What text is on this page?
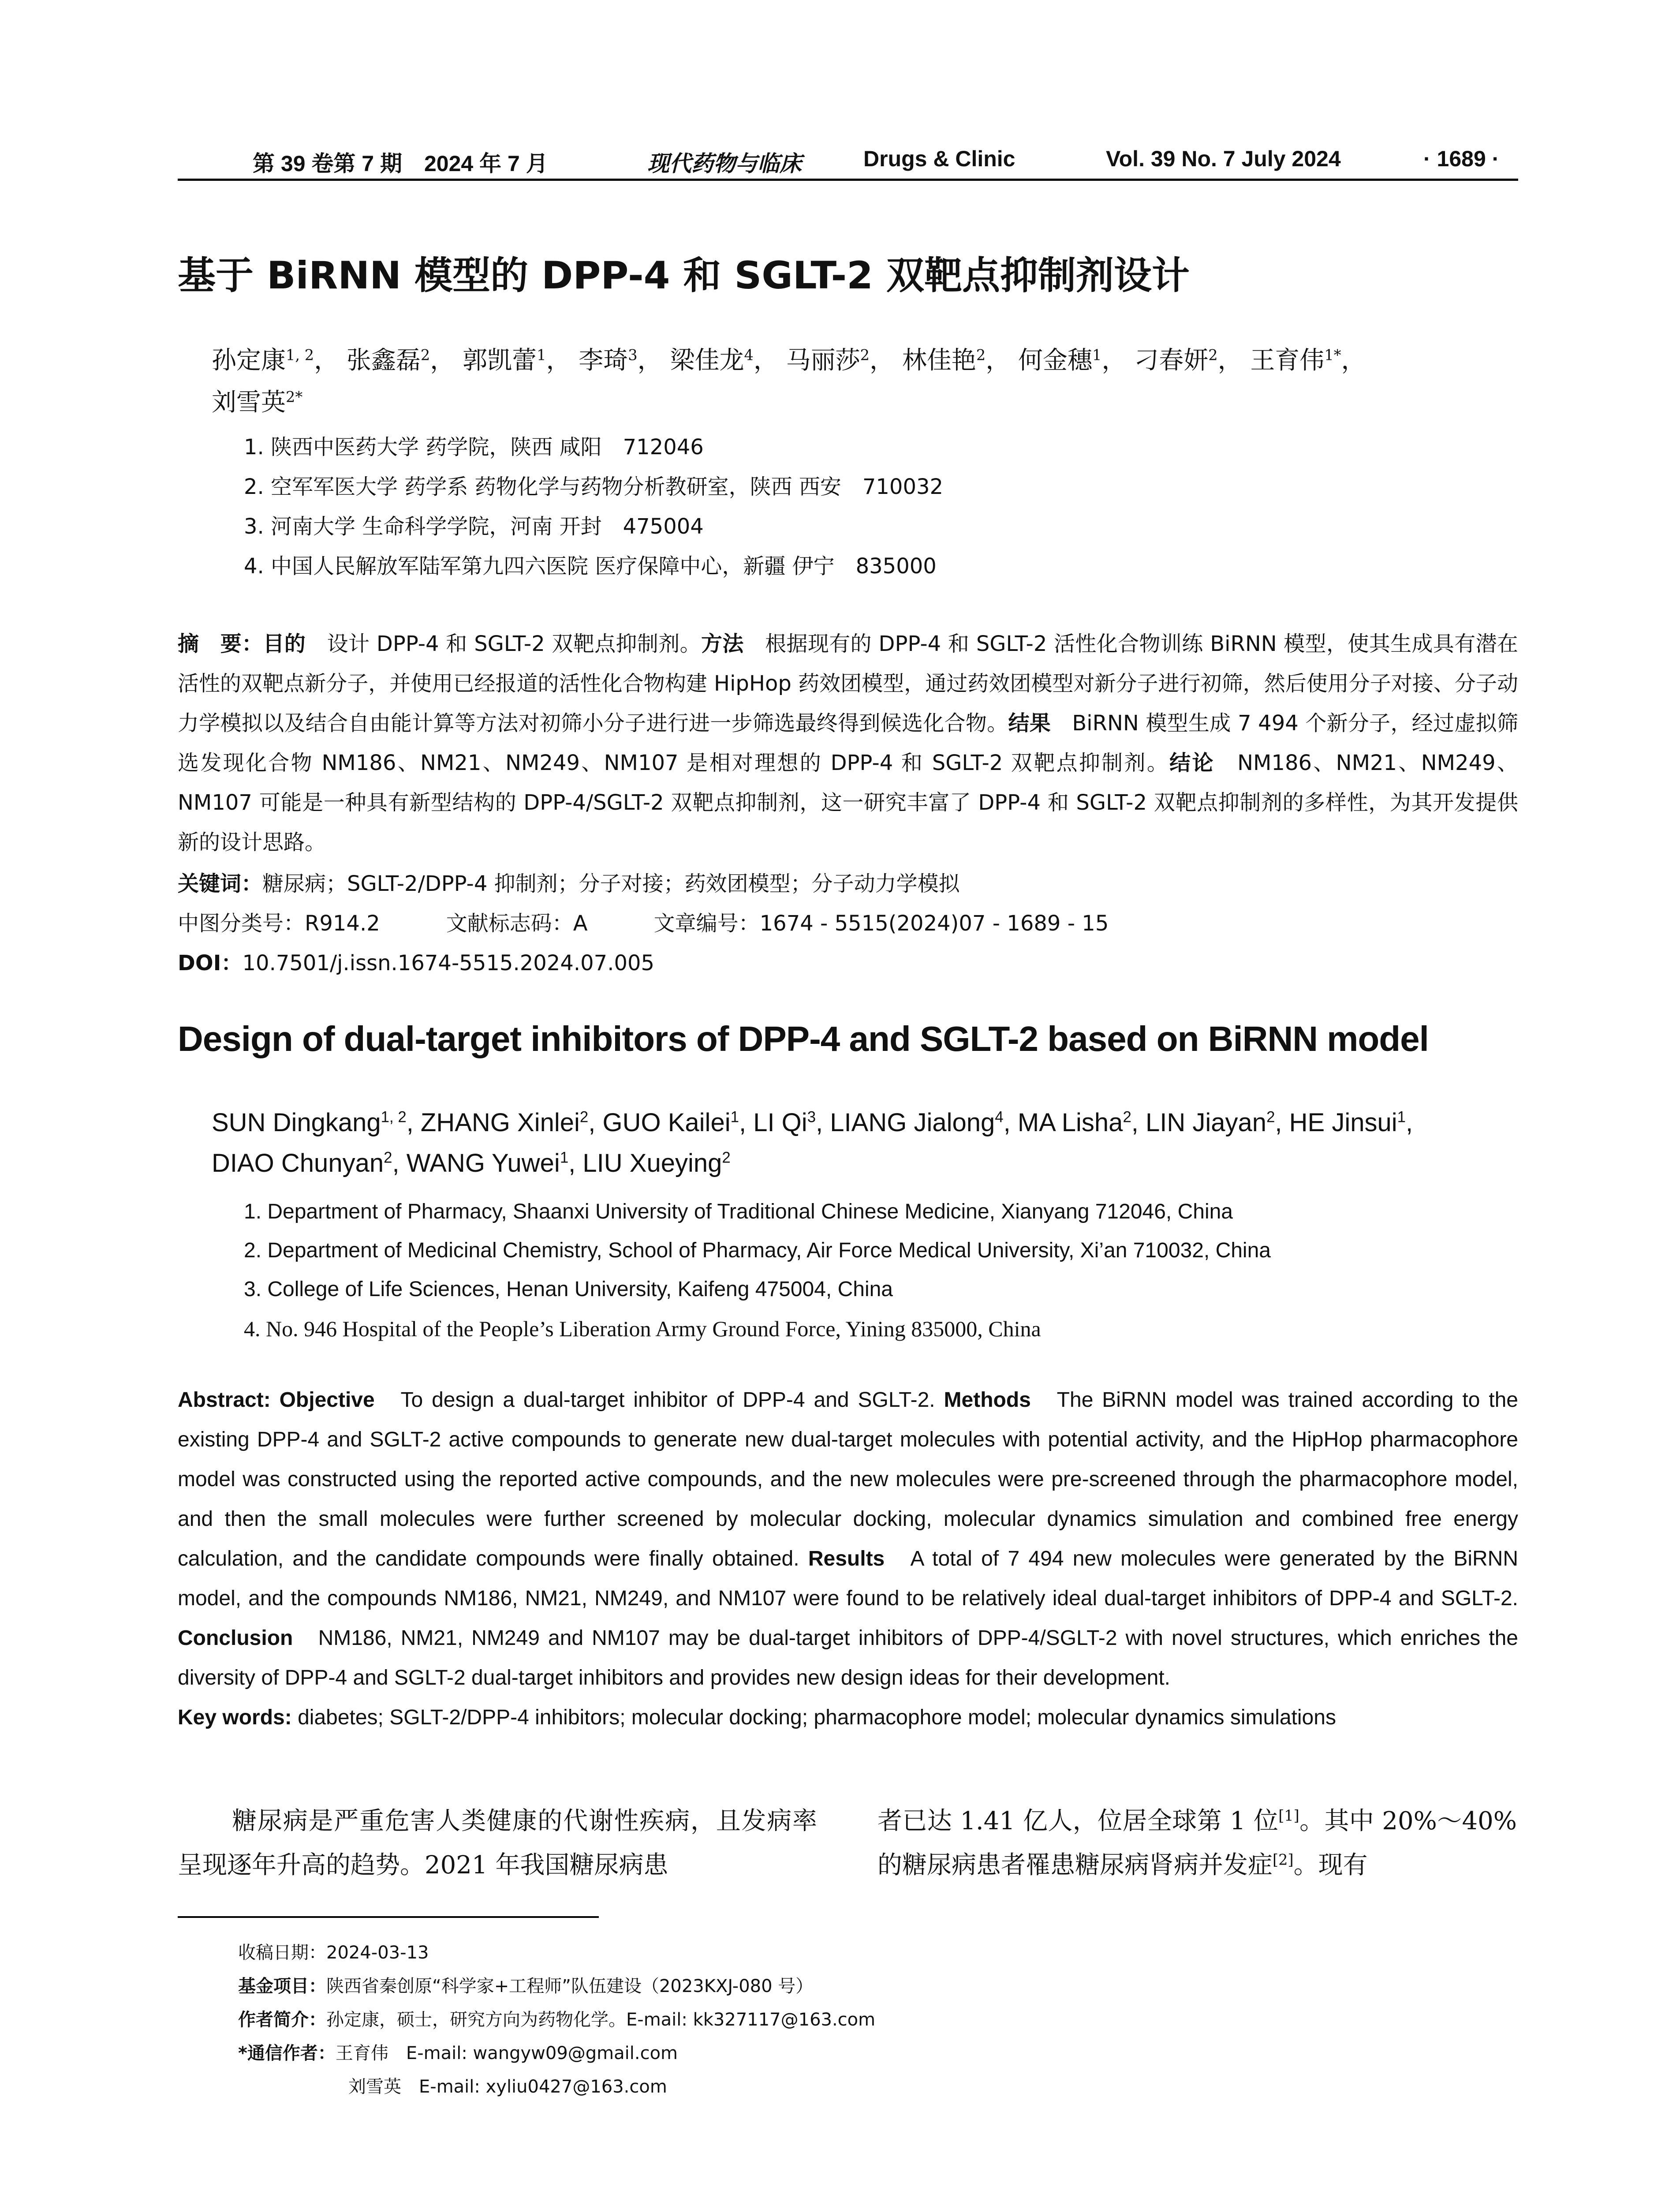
第 39 卷第 7 期　2024 年 7 月	现代药物与临床	Drugs & Clinic	Vol. 39 No. 7 July 2024	· 1689 ·
基于 BiRNN 模型的 DPP-4 和 SGLT-2 双靶点抑制剂设计
孙定康$^{1, 2}$， 张鑫磊$^2$， 郭凯蕾$^1$， 李琦$^3$， 梁佳龙$^4$， 马丽莎$^2$， 林佳艳$^2$， 何金穗$^1$， 刁春妍$^2$， 王育伟$^{1*}$，
刘雪英$^{2*}$
1. 陕西中医药大学 药学院，陕西 咸阳　712046
2. 空军军医大学 药学系 药物化学与药物分析教研室，陕西 西安　710032
3. 河南大学 生命科学学院，河南 开封　475004
4. 中国人民解放军陆军第九四六医院 医疗保障中心，新疆 伊宁　835000
摘　要：目的　 设计 DPP-4 和 SGLT-2 双靶点抑制剂。方法　 根据现有的 DPP-4 和 SGLT-2 活性化合物训练 BiRNN 模型，使其生成具有潜在活性的双靶点新分子，并使用已经报道的活性化合物构建 HipHop 药效团模型，通过药效团模型对新分子进行初筛，然后使用分子对接、分子动力学模拟以及结合自由能计算等方法对初筛小分子进行进一步筛选最终得到候选化合物。结果　 BiRNN 模型生成 7 494 个新分子，经过虚拟筛选发现化合物 NM186、NM21、NM249、NM107 是相对理想的 DPP-4 和 SGLT-2 双靶点抑制剂。结论　 NM186、NM21、NM249、NM107 可能是一种具有新型结构的 DPP-4/SGLT-2 双靶点抑制剂，这一研究丰富了 DPP-4 和 SGLT-2 双靶点抑制剂的多样性，为其开发提供新的设计思路。
关键词：糖尿病；SGLT-2/DPP-4 抑制剂；分子对接；药效团模型；分子动力学模拟
中图分类号：R914.2	文献标志码：A	文章编号：1674 - 5515(2024)07 - 1689 - 15
DOI：10.7501/j.issn.1674-5515.2024.07.005
Design of dual-target inhibitors of DPP-4 and SGLT-2 based on BiRNN model
SUN Dingkang$^{1, 2}$, ZHANG Xinlei$^2$, GUO Kailei$^1$, LI Qi$^3$, LIANG Jialong$^4$, MA Lisha$^2$, LIN Jiayan$^2$, HE Jinsui$^1$,
DIAO Chunyan$^2$, WANG Yuwei$^1$, LIU Xueying$^2$
1. Department of Pharmacy, Shaanxi University of Traditional Chinese Medicine, Xianyang 712046, China
2. Department of Medicinal Chemistry, School of Pharmacy, Air Force Medical University, Xi’an 710032, China
3. College of Life Sciences, Henan University, Kaifeng 475004, China
4. No. 946 Hospital of the People’s Liberation Army Ground Force, Yining 835000, China
Abstract: Objective To design a dual-target inhibitor of DPP-4 and SGLT-2. Methods The BiRNN model was trained according to the existing DPP-4 and SGLT-2 active compounds to generate new dual-target molecules with potential activity, and the HipHop pharmacophore model was constructed using the reported active compounds, and the new molecules were pre-screened through the pharmacophore model, and then the small molecules were further screened by molecular docking, molecular dynamics simulation and combined free energy calculation, and the candidate compounds were finally obtained. Results A total of 7 494 new molecules were generated by the BiRNN model, and the compounds NM186, NM21, NM249, and NM107 were found to be relatively ideal dual-target inhibitors of DPP-4 and SGLT-2. Conclusion NM186, NM21, NM249 and NM107 may be dual-target inhibitors of DPP-4/SGLT-2 with novel structures, which enriches the diversity of DPP-4 and SGLT-2 dual-target inhibitors and provides new design ideas for their development.
Key words: diabetes; SGLT-2/DPP-4 inhibitors; molecular docking; pharmacophore model; molecular dynamics simulations
糖尿病是严重危害人类健康的代谢性疾病，且发病率呈现逐年升高的趋势。2021 年我国糖尿病患
者已达 1.41 亿人，位居全球第 1 位[1]。其中 20%～40%的糖尿病患者罹患糖尿病肾病并发症[2]。现有
收稿日期：2024-03-13
基金项目：陕西省秦创原“科学家+工程师”队伍建设（2023KXJ-080 号）
作者简介：孙定康，硕士，研究方向为药物化学。E-mail: kk327117@163.com
*通信作者：王育伟　E-mail: wangyw09@gmail.com
刘雪英　E-mail: xyliu0427@163.com
